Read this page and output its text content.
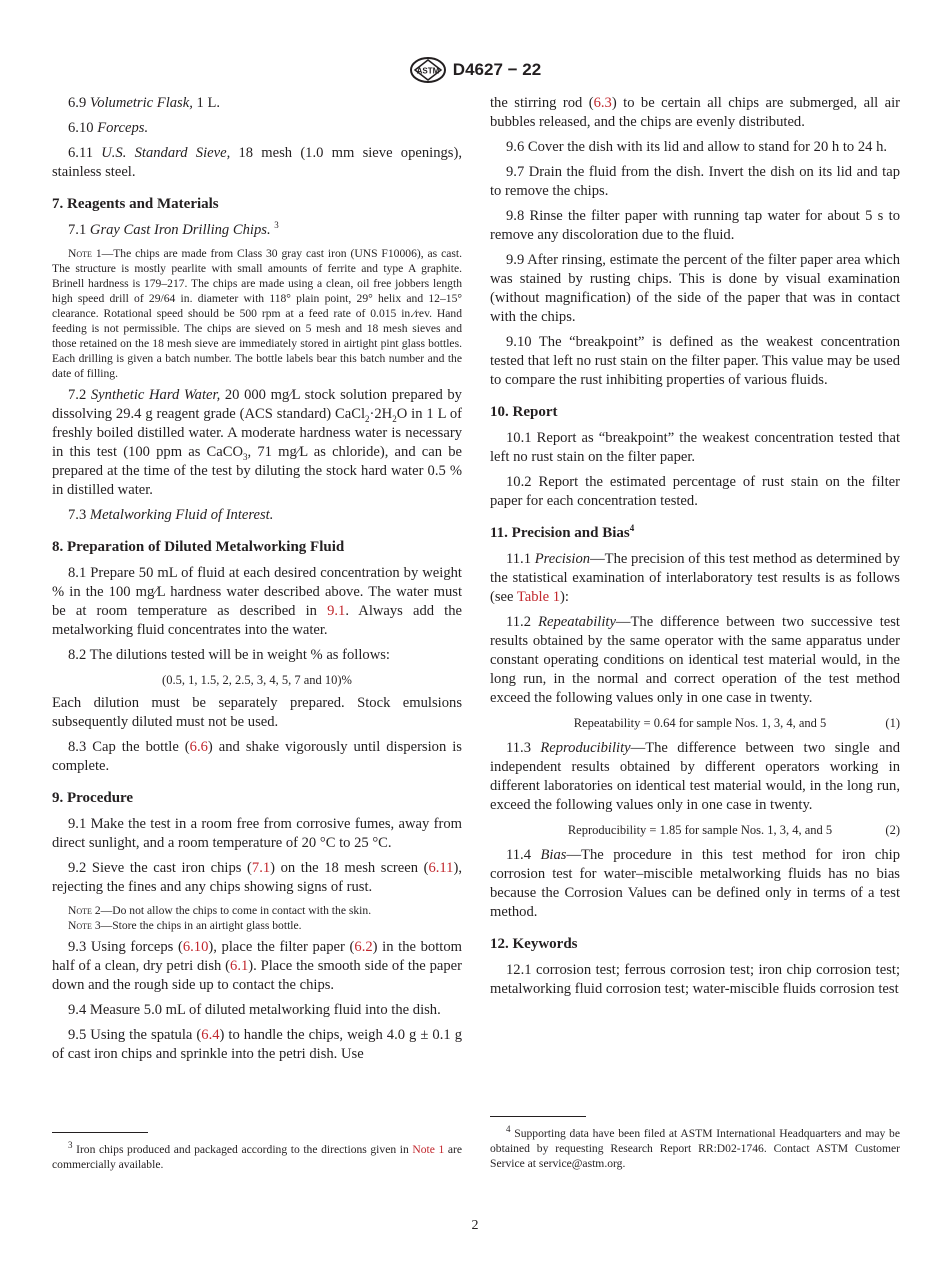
ASTM D4627 − 22

6.9 Volumetric Flask, 1 L.

6.10 Forceps.

6.11 U.S. Standard Sieve, 18 mesh (1.0 mm sieve openings), stainless steel.

7. Reagents and Materials

7.1 Gray Cast Iron Drilling Chips. $^3$

Note 1—The chips are made from Class 30 gray cast iron (UNS F10006), as cast. The structure is mostly pearlite with small amounts of ferrite and type A graphite. Brinell hardness is 179–217. The chips are made using a clean, oil free jobbers length high speed drill of 29/64 in. diameter with 118° plain point, 29° helix and 12–15° clearance. Rotational speed should be 500 rpm at a feed rate of 0.015 in.⁄rev. Hand feeding is not permissible. The chips are sieved on 5 mesh and 18 mesh sieves and those retained on the 18 mesh sieve are immediately stored in airtight pint glass bottles. Each drilling is given a batch number. The bottle labels bear this batch number and the date of filling.

7.2 Synthetic Hard Water, 20 000 mg⁄L stock solution prepared by dissolving 29.4 g reagent grade (ACS standard) $CaCl_2\cdot 2H_2O$ in 1 L of freshly boiled distilled water. A moderate hardness water is necessary in this test (100 ppm as CaCO$_3$, 71 mg⁄L as chloride), and can be prepared at the time of the test by diluting the stock hard water 0.5 % in distilled water.

7.3 Metalworking Fluid of Interest.

8. Preparation of Diluted Metalworking Fluid

8.1 Prepare 50 mL of fluid at each desired concentration by weight % in the 100 mg⁄L hardness water described above. The water must be at room temperature as described in 9.1. Always add the metalworking fluid concentrates into the water.

8.2 The dilutions tested will be in weight % as follows:

(0.5, 1, 1.5, 2, 2.5, 3, 4, 5, 7 and 10)%

Each dilution must be separately prepared. Stock emulsions subsequently diluted must not be used.

8.3 Cap the bottle (6.6) and shake vigorously until dispersion is complete.

9. Procedure

9.1 Make the test in a room free from corrosive fumes, away from direct sunlight, and a room temperature of 20 °C to 25 °C.

9.2 Sieve the cast iron chips (7.1) on the 18 mesh screen (6.11), rejecting the fines and any chips showing signs of rust.

Note 2—Do not allow the chips to come in contact with the skin.

Note 3—Store the chips in an airtight glass bottle.

9.3 Using forceps (6.10), place the filter paper (6.2) in the bottom half of a clean, dry petri dish (6.1). Place the smooth side of the paper down and the rough side up to contact the chips.

9.4 Measure 5.0 mL of diluted metalworking fluid into the dish.

9.5 Using the spatula (6.4) to handle the chips, weigh 4.0 g ± 0.1 g of cast iron chips and sprinkle into the petri dish. Use

$^3$ Iron chips produced and packaged according to the directions given in Note 1 are commercially available.

the stirring rod (6.3) to be certain all chips are submerged, all air bubbles released, and the chips are evenly distributed.

9.6 Cover the dish with its lid and allow to stand for 20 h to 24 h.

9.7 Drain the fluid from the dish. Invert the dish on its lid and tap to remove the chips.

9.8 Rinse the filter paper with running tap water for about 5 s to remove any discoloration due to the fluid.

9.9 After rinsing, estimate the percent of the filter paper area which was stained by rusting chips. This is done by visual examination (without magnification) of the side of the paper that was in contact with the chips.

9.10 The “breakpoint” is defined as the weakest concentration tested that left no rust stain on the filter paper. This value may be used to compare the rust inhibiting properties of various fluids.

10. Report

10.1 Report as “breakpoint” the weakest concentration tested that left no rust stain on the filter paper.

10.2 Report the estimated percentage of rust stain on the filter paper for each concentration tested.

11. Precision and Bias$^4$

11.1 Precision—The precision of this test method as determined by the statistical examination of interlaboratory test results is as follows (see Table 1):

11.2 Repeatability—The difference between two successive test results obtained by the same operator with the same apparatus under constant operating conditions on identical test material would, in the long run, in the normal and correct operation of the test method exceed the following values only in one case in twenty.

Repeatability = 0.64 for sample Nos. 1, 3, 4, and 5	(1)

11.3 Reproducibility—The difference between two single and independent results obtained by different operators working in different laboratories on identical test material would, in the long run, exceed the following values only in one case in twenty.

Reproducibility = 1.85 for sample Nos. 1, 3, 4, and 5	(2)

11.4 Bias—The procedure in this test method for iron chip corrosion test for water–miscible metalworking fluids has no bias because the Corrosion Values can be defined only in terms of a test method.

12. Keywords

12.1 corrosion test; ferrous corrosion test; iron chip corrosion test; metalworking fluid corrosion test; water-miscible fluids corrosion test

$^4$ Supporting data have been filed at ASTM International Headquarters and may be obtained by requesting Research Report RR:D02-1746. Contact ASTM Customer Service at service@astm.org.
2
